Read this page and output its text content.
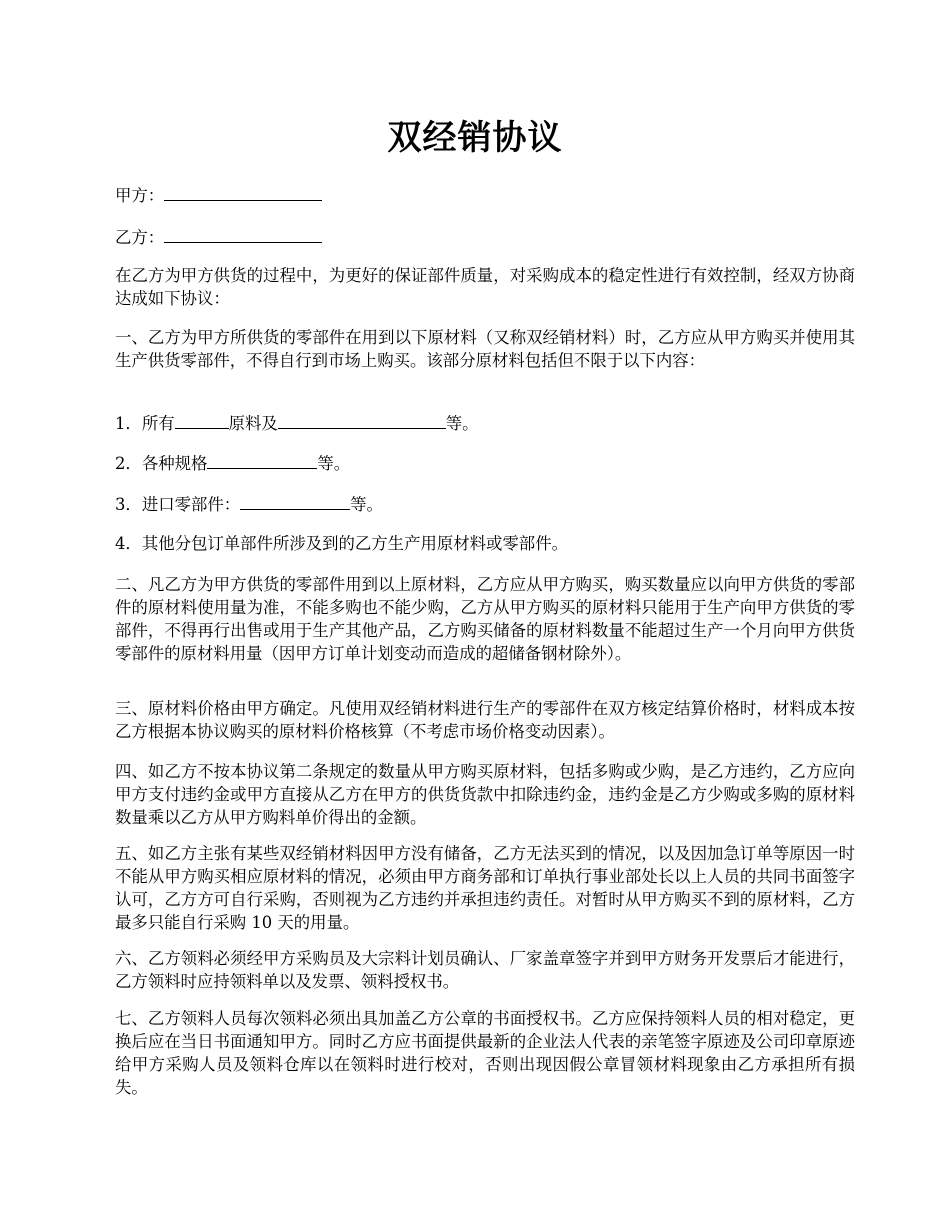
双经销协议

甲方：

乙方：

在乙方为甲方供货的过程中，为更好的保证部件质量，对采购成本的稳定性进行有效控制，经双方协商达成如下协议：

一、乙方为甲方所供货的零部件在用到以下原材料（又称双经销材料）时，乙方应从甲方购买并使用其生产供货零部件，不得自行到市场上购买。该部分原材料包括但不限于以下内容：

1．所有	原料及	等。

2．各种规格	等。

3．进口零部件：	等。

4．其他分包订单部件所涉及到的乙方生产用原材料或零部件。

二、凡乙方为甲方供货的零部件用到以上原材料，乙方应从甲方购买，购买数量应以向甲方供货的零部件的原材料使用量为准，不能多购也不能少购，乙方从甲方购买的原材料只能用于生产向甲方供货的零部件，不得再行出售或用于生产其他产品，乙方购买储备的原材料数量不能超过生产一个月向甲方供货零部件的原材料用量（因甲方订单计划变动而造成的超储备钢材除外）。

三、原材料价格由甲方确定。凡使用双经销材料进行生产的零部件在双方核定结算价格时，材料成本按乙方根据本协议购买的原材料价格核算（不考虑市场价格变动因素）。

四、如乙方不按本协议第二条规定的数量从甲方购买原材料，包括多购或少购，是乙方违约，乙方应向甲方支付违约金或甲方直接从乙方在甲方的供货货款中扣除违约金，违约金是乙方少购或多购的原材料数量乘以乙方从甲方购料单价得出的金额。

五、如乙方主张有某些双经销材料因甲方没有储备，乙方无法买到的情况，以及因加急订单等原因一时不能从甲方购买相应原材料的情况，必须由甲方商务部和订单执行事业部处长以上人员的共同书面签字认可，乙方方可自行采购，否则视为乙方违约并承担违约责任。对暂时从甲方购买不到的原材料，乙方最多只能自行采购 10 天的用量。

六、乙方领料必须经甲方采购员及大宗料计划员确认、厂家盖章签字并到甲方财务开发票后才能进行，乙方领料时应持领料单以及发票、领料授权书。

七、乙方领料人员每次领料必须出具加盖乙方公章的书面授权书。乙方应保持领料人员的相对稳定，更换后应在当日书面通知甲方。同时乙方应书面提供最新的企业法人代表的亲笔签字原迹及公司印章原迹给甲方采购人员及领料仓库以在领料时进行校对，否则出现因假公章冒领材料现象由乙方承担所有损失。
